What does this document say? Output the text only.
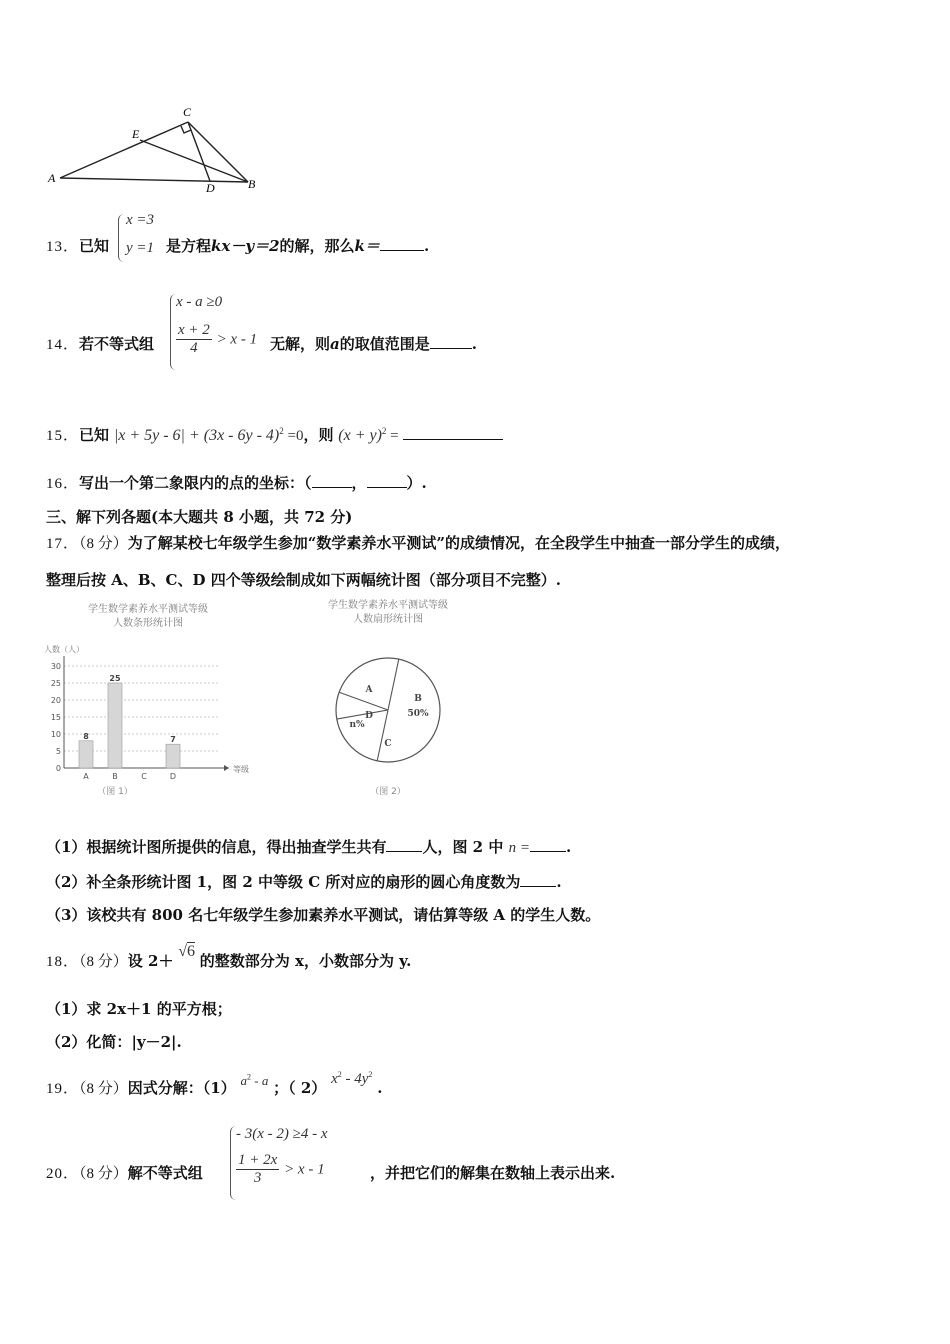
A	B
C
D
E
13．已知
x =3
y =1 是方程kx－y＝2的解，那么k＝	.
14．若不等式组
x - a ≥0
$\frac{x + 2}{4} > x - 1$ 无解，则a的取值范围是	.
15．已知 |x + 5y - 6| + (3x - 6y - 4)$^2$ =0，则 $(x + y)^2$ =
16．写出一个第二象限内的点的坐标：（	，	）.
三、解下列各题(本大题共 8 小题，共 72 分)
17．（8 分）为了解某校七年级学生参加“数学素养水平测试”的成绩情况，在全段学生中抽查一部分学生的成绩，
整理后按 A、B、C、D 四个等级绘制成如下两幅统计图（部分项目不完整）.
学生数学素养水平测试等级
人数条形统计图
人数（人）
0
5
10
15
20
25
30
等级
8
A
25
B	C
7
D
（图 1）
学生数学素养水平测试等级
人数扇形统计图
B
50%
C
D
n%
A
（图 2）
（1）根据统计图所提供的信息，得出抽查学生共有 人，图 2 中 n = .
（2）补全条形统计图 1，图 2 中等级 C 所对应的扇形的圆心角度数为 .
（3）该校共有 800 名七年级学生参加素养水平测试，请估算等级 A 的学生人数。
18．（8 分）设 2＋ √6 的整数部分为 x，小数部分为 y.
（1）求 2x＋1 的平方根；
（2）化简：|y－2|.
19．（8 分）因式分解：（1） $a^2$ - a ；（ 2） $x^2 - 4y^2$ .
20．（8 分）解不等式组
- 3(x - 2) ≥4 - x
$\frac{1 + 2x}{3} > x - 1$	，并把它们的解集在数轴上表示出来.
